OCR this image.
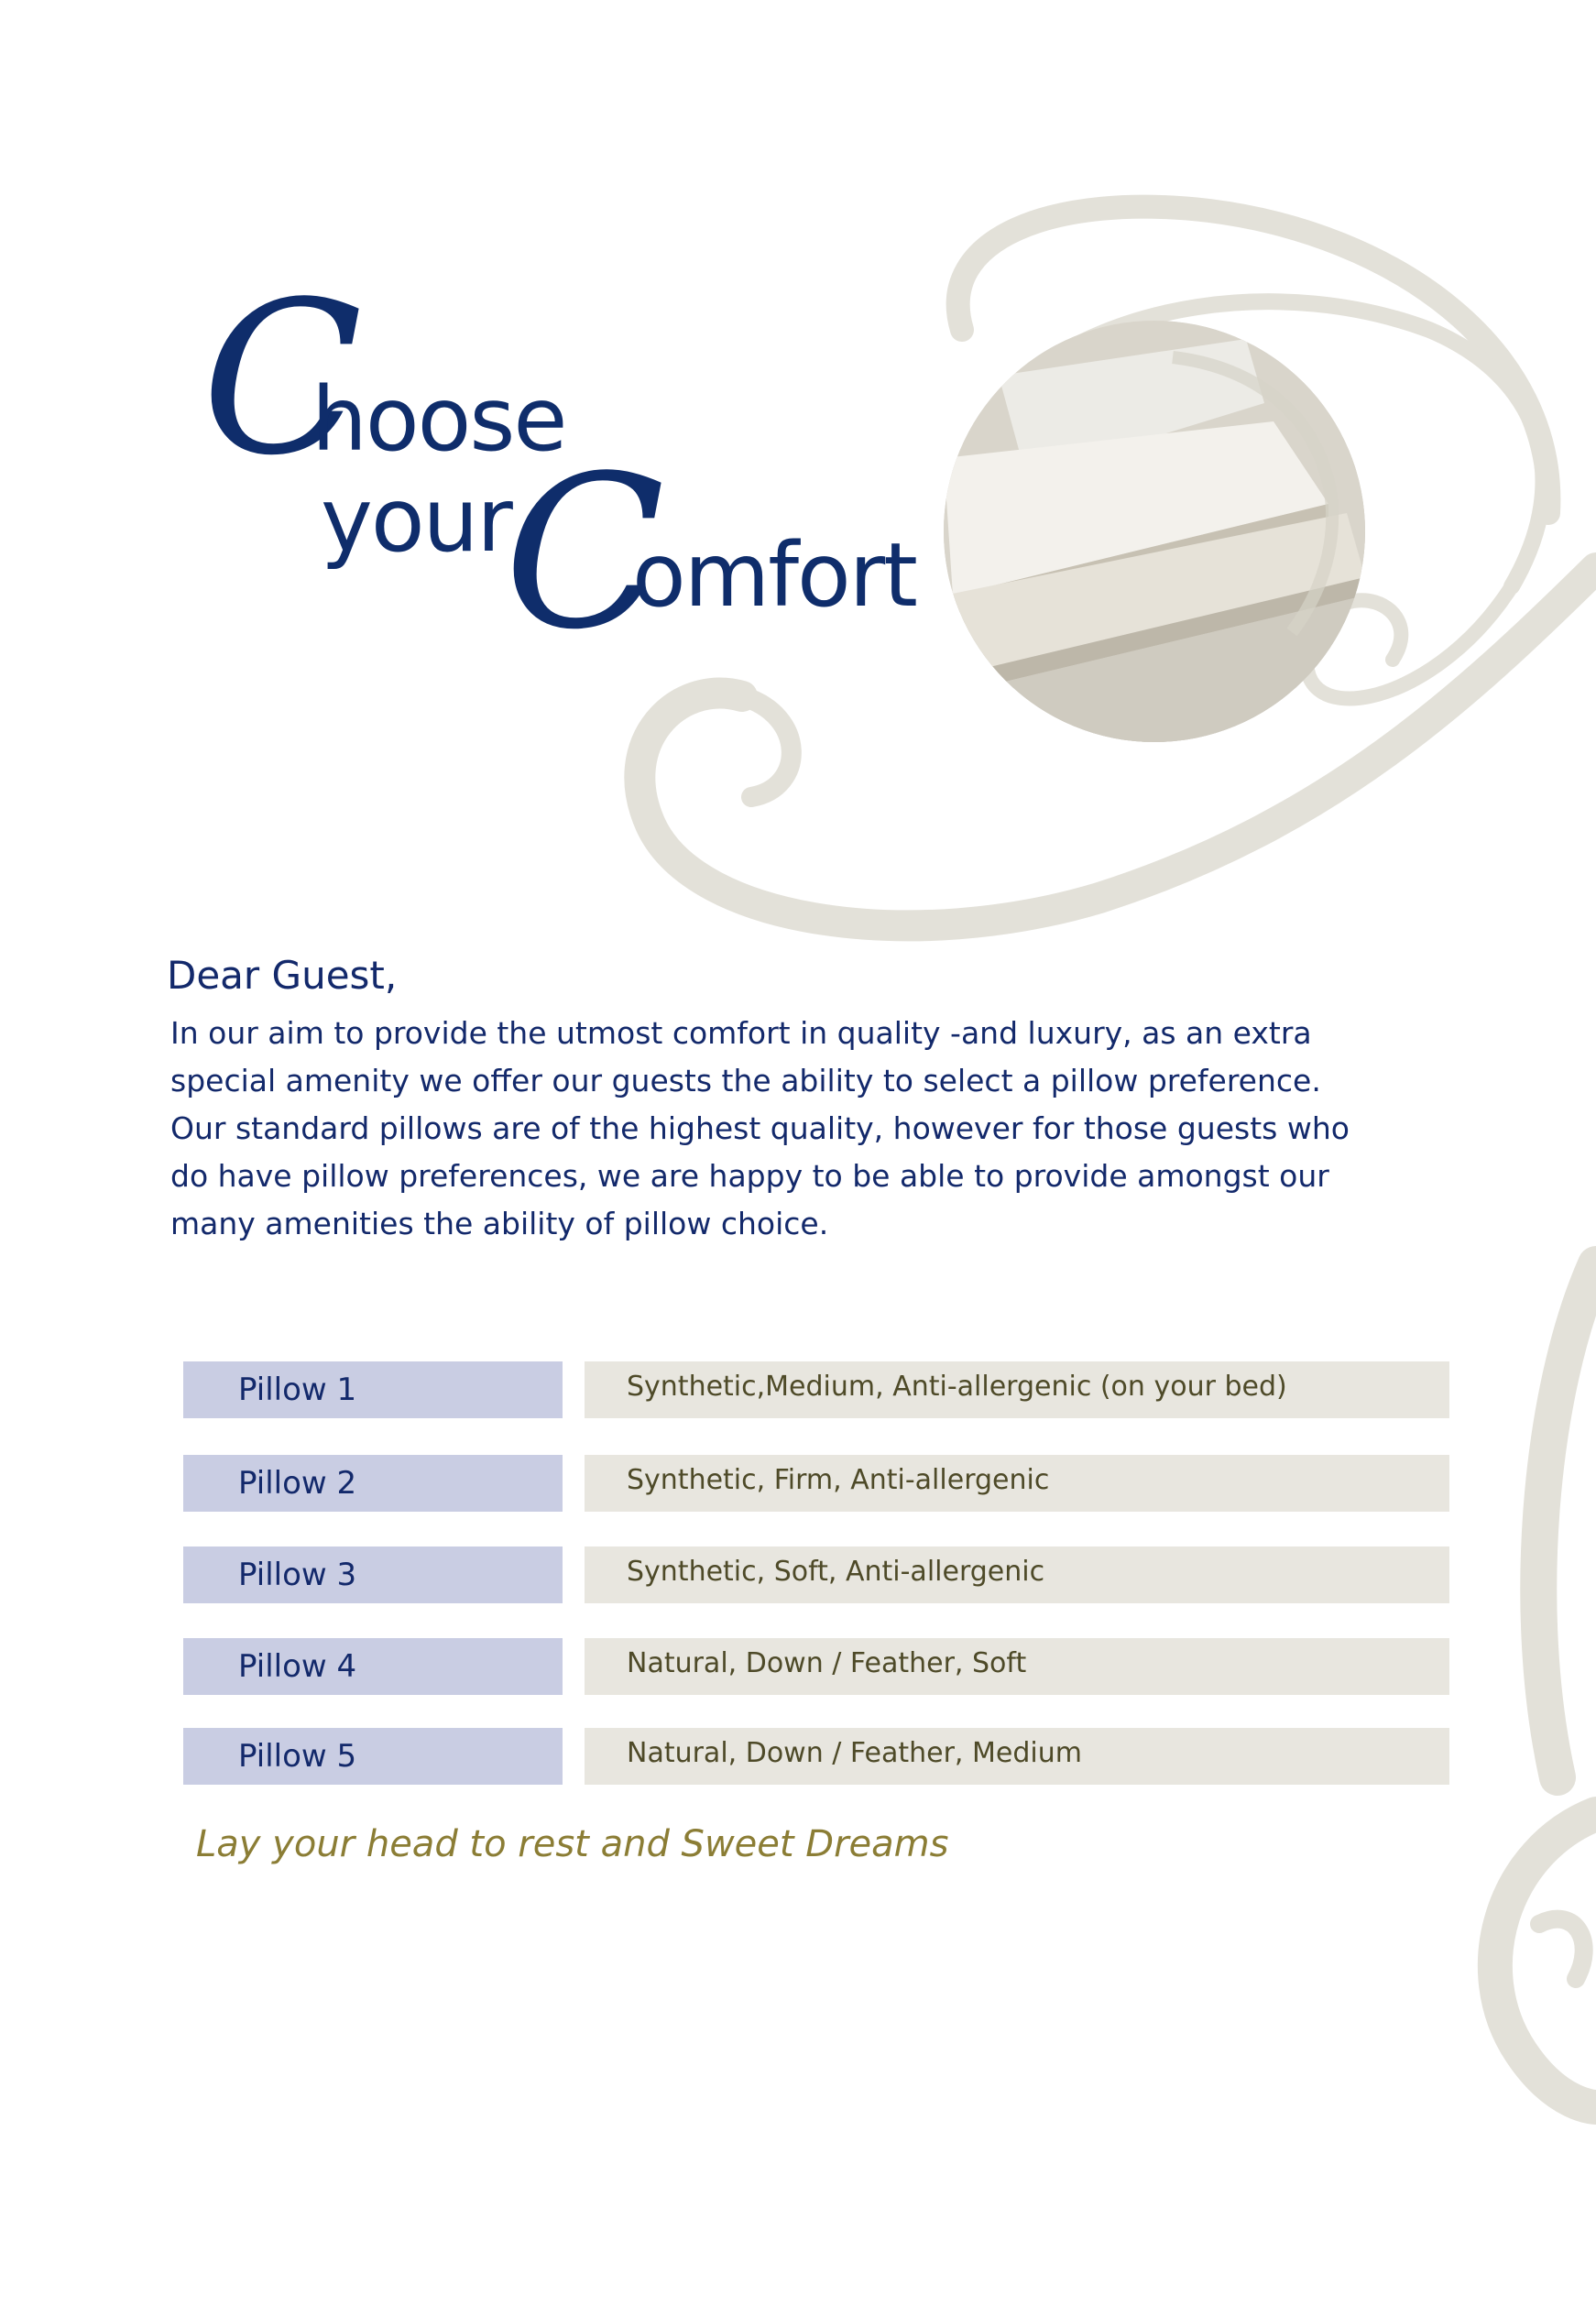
C
hoose
your
C
omfort
Dear Guest,
In our aim to provide the utmost comfort in quality -and luxury, as an extra
special amenity we offer our guests the ability to select a pillow preference.
Our standard pillows are of the highest quality, however for those guests who
do have pillow preferences, we are happy to be able to provide amongst our
many amenities the ability of pillow choice.
Pillow 1	Synthetic,Medium, Anti-allergenic (on your bed)
Pillow 2	Synthetic, Firm, Anti-allergenic
Pillow 3	Synthetic, Soft, Anti-allergenic
Pillow 4	Natural, Down / Feather, Soft
Pillow 5	Natural, Down / Feather, Medium
Lay your head to rest and Sweet Dreams
